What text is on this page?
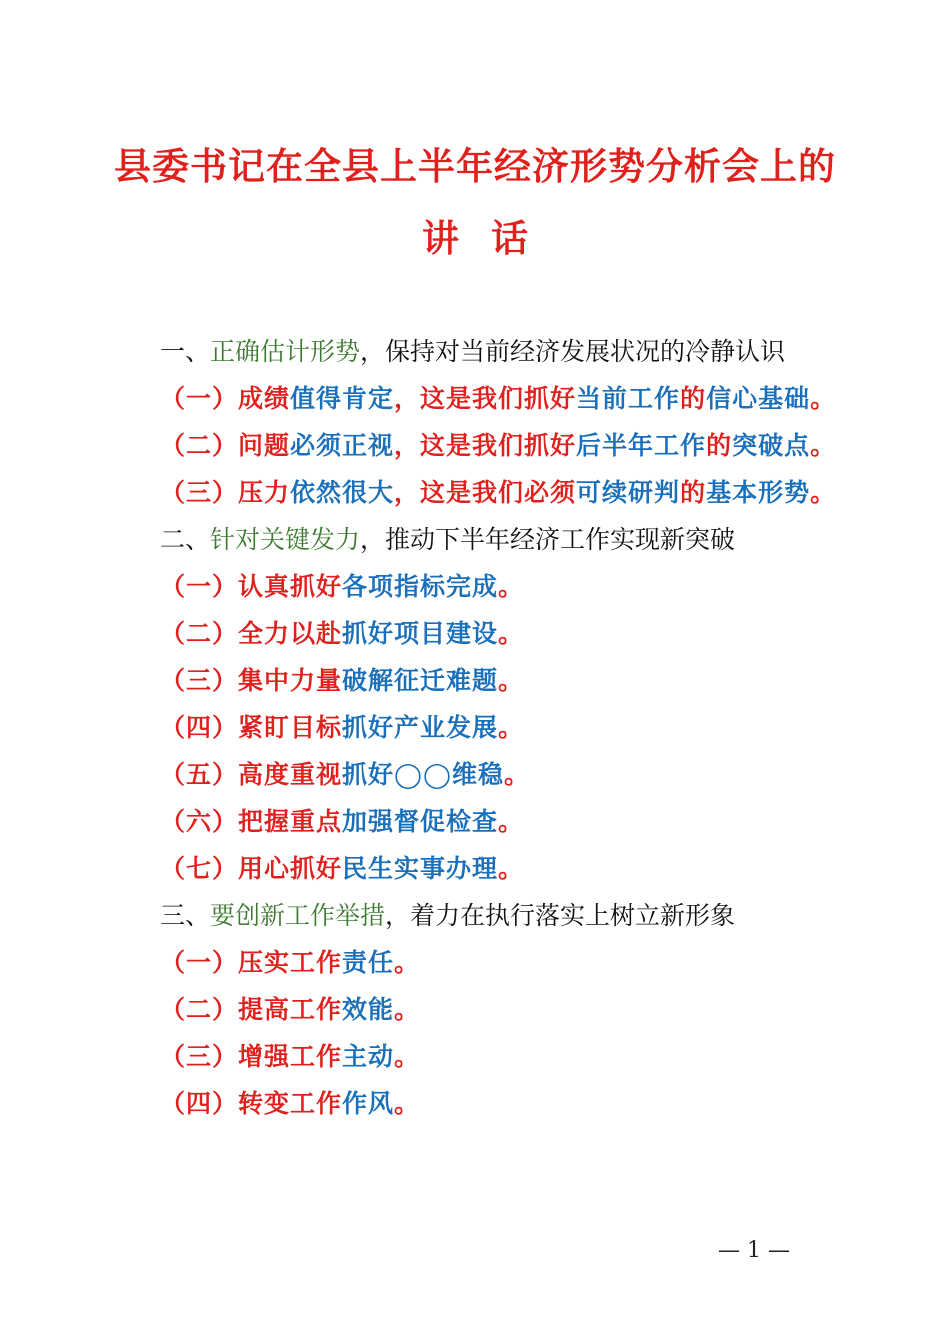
县委书记在全县上半年经济形势分析会上的
讲话
一、正确估计形势，保持对当前经济发展状况的冷静认识
（一）成绩值得肯定，这是我们抓好当前工作的信心基础。
（二）问题必须正视，这是我们抓好后半年工作的突破点。
（三）压力依然很大，这是我们必须可续研判的基本形势。
二、针对关键发力，推动下半年经济工作实现新突破
（一）认真抓好各项指标完成。
（二）全力以赴抓好项目建设。
（三）集中力量破解征迁难题。
（四）紧盯目标抓好产业发展。
（五）高度重视抓好◯◯维稳。
（六）把握重点加强督促检查。
（七）用心抓好民生实事办理。
三、要创新工作举措，着力在执行落实上树立新形象
（一）压实工作责任。
（二）提高工作效能。
（三）增强工作主动。
（四）转变工作作风。
— 1 —
